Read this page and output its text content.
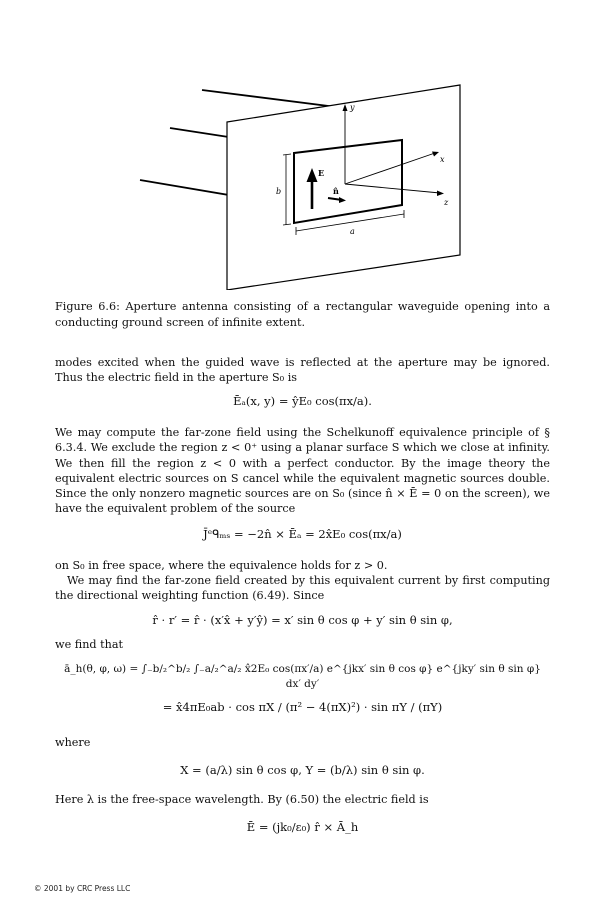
y
x
z
E
n̂
b
a
Figure 6.6: Aperture antenna consisting of a rectangular waveguide opening into a conducting ground screen of infinite extent.
modes excited when the guided wave is reflected at the aperture may be ignored. Thus the electric field in the aperture S₀ is
Ēₐ(x, y) = ŷE₀ cos(πx/a).
We may compute the far-zone field using the Schelkunoff equivalence principle of § 6.3.4. We exclude the region z < 0⁺ using a planar surface S which we close at infinity. We then fill the region z < 0 with a perfect conductor. By the image theory the equivalent electric sources on S cancel while the equivalent magnetic sources double. Since the only nonzero magnetic sources are on S₀ (since n̂ × Ē = 0 on the screen), we have the equivalent problem of the source
J̄ᵉᑫₘₛ = −2n̂ × Ēₐ = 2x̂E₀ cos(πx/a)
on S₀ in free space, where the equivalence holds for z > 0.
We may find the far-zone field created by this equivalent current by first computing the directional weighting function (6.49). Since
r̂ · r′ = r̂ · (x′x̂ + y′ŷ) = x′ sin θ cos φ + y′ sin θ sin φ,
we find that
ā_h(θ, φ, ω) = ∫₋b/₂^b/₂ ∫₋a/₂^a/₂ x̂2E₀ cos(πx′/a) e^{jkx′ sin θ cos φ} e^{jky′ sin θ sin φ} dx′ dy′
= x̂4πE₀ab · cos πX / (π² − 4(πX)²) · sin πY / (πY)
where
X = (a/λ) sin θ cos φ, Y = (b/λ) sin θ sin φ.
Here λ is the free-space wavelength. By (6.50) the electric field is
Ē = (jk₀/ε₀) r̂ × Ā_h
© 2001 by CRC Press LLC
